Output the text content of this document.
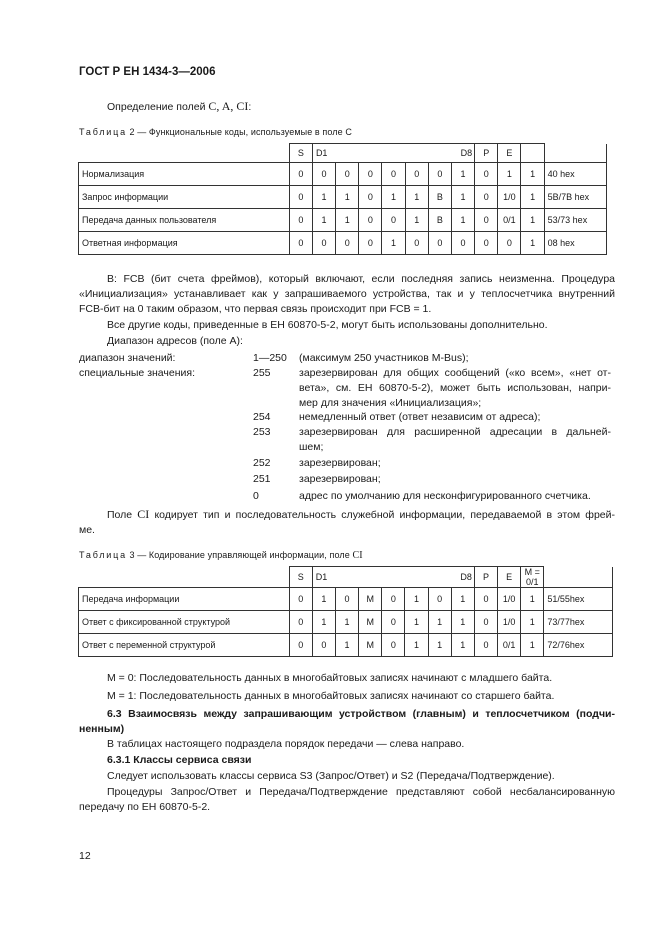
ГОСТ Р ЕН 1434-3—2006
Определение полей C, A, CI:
Таблица 2 — Функциональные коды, используемые в поле C
	S	D1						D8	P	E		
Нормализация	0	0	0	0	0	0	0	1	0	1	1	40 hex
Запрос информации	0	1	1	0	1	1	B	1	0	1/0	1	5B/7B hex
Передача данных пользователя	0	1	1	0	0	1	B	1	0	0/1	1	53/73 hex
Ответная информация	0	0	0	0	1	0	0	0	0	0	1	08 hex
B: FCB (бит счета фреймов), который включают, если последняя запись неизменна. Процедура
«Инициализация» устанавливает как у запрашиваемого устройства, так и у теплосчетчика внутренний
FCB-бит на 0 таким образом, что первая связь происходит при FCB = 1.
Все другие коды, приведенные в ЕН 60870-5-2, могут быть использованы дополнительно.
Диапазон адресов (поле A):
диапазон значений:	1—250 (максимум 250 участников M-Bus);
специальные значения:	255	зарезервирован для общих сообщений («ко всем», «нет от-
вета», см. ЕН 60870-5-2), может быть использован, напри-
мер для значения «Инициализация»;
254	немедленный ответ (ответ независим от адреса);
253	зарезервирован для расширенной адресации в дальней-
шем;
252	зарезервирован;
251	зарезервирован;
0	адрес по умолчанию для несконфигурированного счетчика.
Поле CI кодирует тип и последовательность служебной информации, передаваемой в этом фрей-
ме.
Таблица 3 — Кодирование управляющей информации, поле CI
	S	D1						D8	P	E	M = 0/1	
Передача информации	0	1	0	M	0	1	0	1	0	1/0	1	51/55hex
Ответ с фиксированной структурой	0	1	1	M	0	1	1	1	0	1/0	1	73/77hex
Ответ с переменной структурой	0	0	1	M	0	1	1	1	0	0/1	1	72/76hex
M = 0: Последовательность данных в многобайтовых записях начинают с младшего байта.
M = 1: Последовательность данных в многобайтовых записях начинают со старшего байта.
6.3 Взаимосвязь между запрашивающим устройством (главным) и теплосчетчиком (подчи-
ненным)
В таблицах настоящего подраздела порядок передачи — слева направо.
6.3.1 Классы сервиса связи
Следует использовать классы сервиса S3 (Запрос/Ответ) и S2 (Передача/Подтверждение).
Процедуры Запрос/Ответ и Передача/Подтверждение представляют собой несбалансированную
передачу по ЕН 60870-5-2.
12
